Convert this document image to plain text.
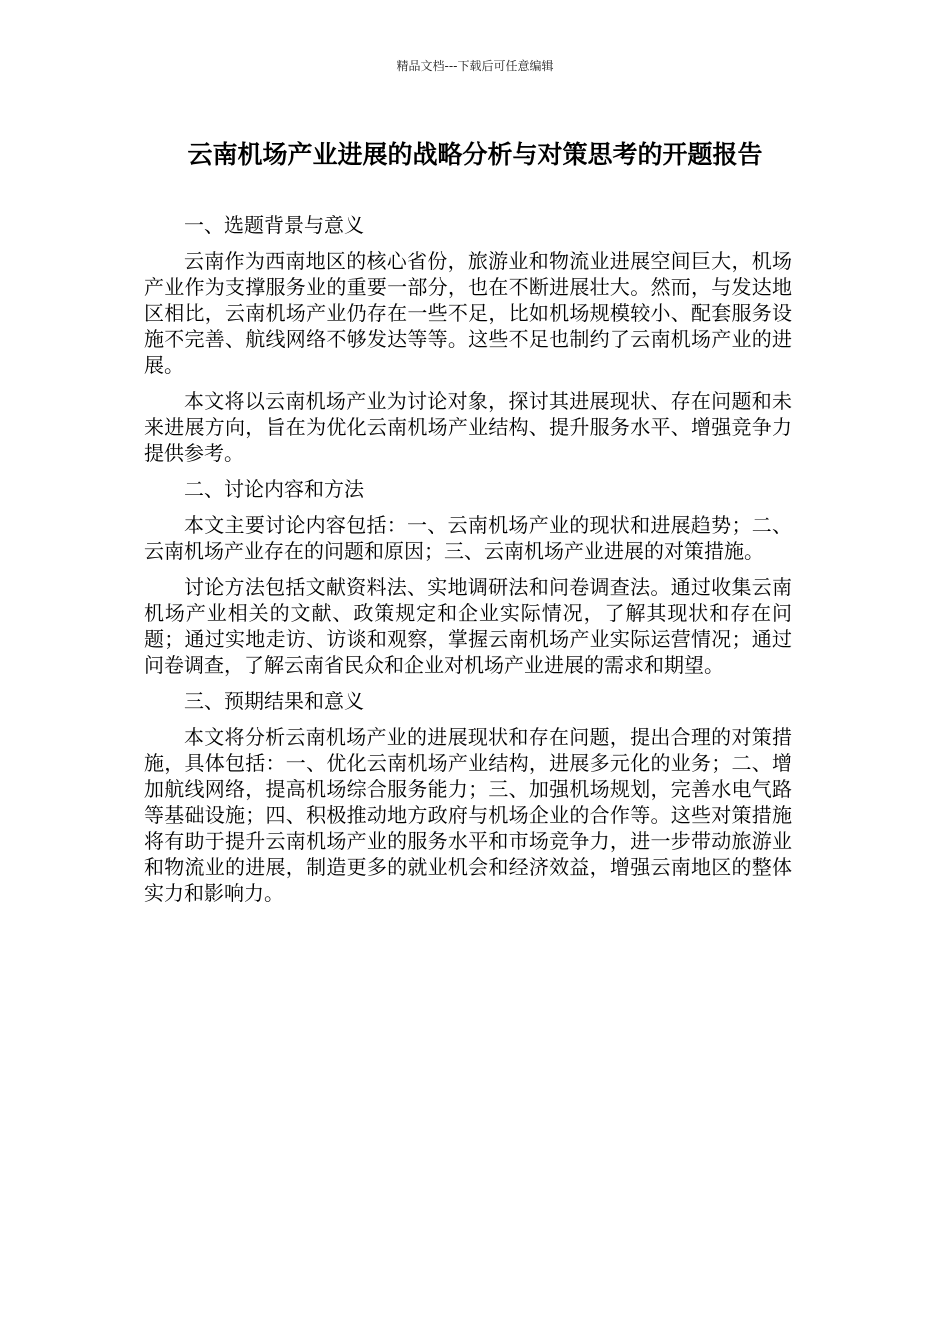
精品文档---下载后可任意编辑
云南机场产业进展的战略分析与对策思考的开题报告

一、选题背景与意义

云南作为西南地区的核心省份，旅游业和物流业进展空间巨大，机场产业作为支撑服务业的重要一部分，也在不断进展壮大。然而，与发达地区相比，云南机场产业仍存在一些不足，比如机场规模较小、配套服务设施不完善、航线网络不够发达等等。这些不足也制约了云南机场产业的进展。

本文将以云南机场产业为讨论对象，探讨其进展现状、存在问题和未来进展方向，旨在为优化云南机场产业结构、提升服务水平、增强竞争力提供参考。

二、讨论内容和方法

本文主要讨论内容包括：一、云南机场产业的现状和进展趋势；二、云南机场产业存在的问题和原因；三、云南机场产业进展的对策措施。

讨论方法包括文献资料法、实地调研法和问卷调查法。通过收集云南机场产业相关的文献、政策规定和企业实际情况，了解其现状和存在问题；通过实地走访、访谈和观察，掌握云南机场产业实际运营情况；通过问卷调查，了解云南省民众和企业对机场产业进展的需求和期望。

三、预期结果和意义

本文将分析云南机场产业的进展现状和存在问题，提出合理的对策措施，具体包括：一、优化云南机场产业结构，进展多元化的业务；二、增加航线网络，提高机场综合服务能力；三、加强机场规划，完善水电气路等基础设施；四、积极推动地方政府与机场企业的合作等。这些对策措施将有助于提升云南机场产业的服务水平和市场竞争力，进一步带动旅游业和物流业的进展，制造更多的就业机会和经济效益，增强云南地区的整体实力和影响力。
